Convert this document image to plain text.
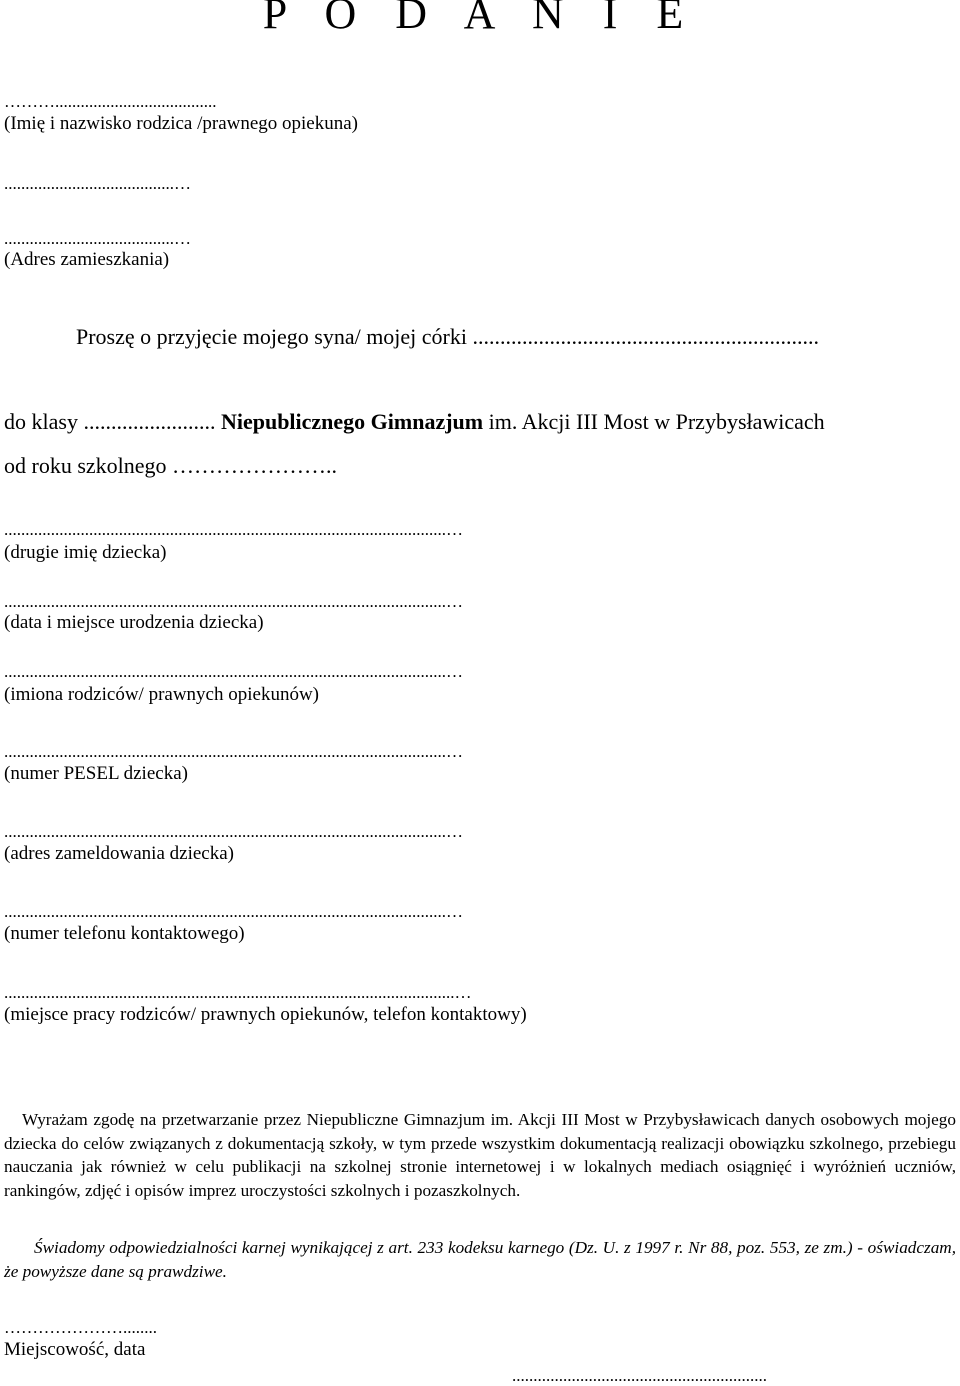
P O D A N I E
………......................................
(Imię i nazwisko rodzica /prawnego opiekuna)
........................................…
........................................…
(Adres zamieszkania)
Proszę o przyjęcie mojego syna/ mojej córki ...............................................................
do klasy ........................ Niepublicznego Gimnazjum im. Akcji III Most w Przybysławicach
od roku szkolnego …………………..
........................................................................................................…
(drugie imię dziecka)
........................................................................................................…
(data i miejsce urodzenia dziecka)
........................................................................................................…
(imiona rodziców/ prawnych opiekunów)
........................................................................................................…
(numer PESEL dziecka)
........................................................................................................…
(adres zameldowania dziecka)
........................................................................................................…
(numer telefonu kontaktowego)
..........................................................................................................…
(miejsce pracy rodziców/ prawnych opiekunów, telefon kontaktowy)
Wyrażam zgodę na przetwarzanie przez Niepubliczne Gimnazjum im. Akcji III Most w Przybysławicach danych osobowych mojego dziecka do celów związanych z dokumentacją szkoły, w tym przede wszystkim dokumentacją realizacji obowiązku szkolnego, przebiegu nauczania jak również w celu publikacji na szkolnej stronie internetowej i w lokalnych mediach osiągnięć i wyróżnień uczniów, rankingów, zdjęć i opisów imprez uroczystości szkolnych i pozaszkolnych.
Świadomy odpowiedzialności karnej wynikającej z art. 233 kodeksu karnego (Dz. U. z 1997 r. Nr 88, poz. 553, ze zm.) - oświadczam, że powyższe dane są prawdziwe.
…………………........
Miejscowość, data
............................................................
